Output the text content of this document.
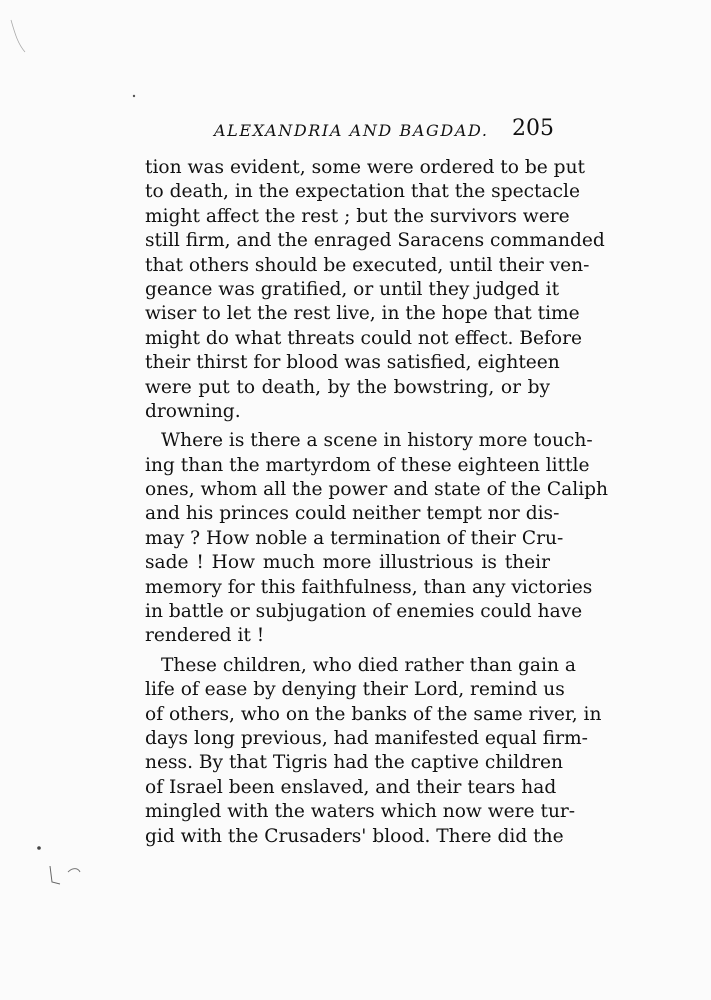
ALEXANDRIA AND BAGDAD. 205
tion was evident, some were ordered to be put
to death, in the expectation that the spectacle
might affect the rest ; but the survivors were
still firm, and the enraged Saracens commanded
that others should be executed, until their ven-
geance was gratified, or until they judged it
wiser to let the rest live, in the hope that time
might do what threats could not effect. Before
their thirst for blood was satisfied, eighteen
were put to death, by the bowstring, or by
drowning.
Where is there a scene in history more touch-
ing than the martyrdom of these eighteen little
ones, whom all the power and state of the Caliph
and his princes could neither tempt nor dis-
may ? How noble a termination of their Cru-
sade ! How much more illustrious is their
memory for this faithfulness, than any victories
in battle or subjugation of enemies could have
rendered it !
These children, who died rather than gain a
life of ease by denying their Lord, remind us
of others, who on the banks of the same river, in
days long previous, had manifested equal firm-
ness. By that Tigris had the captive children
of Israel been enslaved, and their tears had
mingled with the waters which now were tur-
gid with the Crusaders' blood. There did the
